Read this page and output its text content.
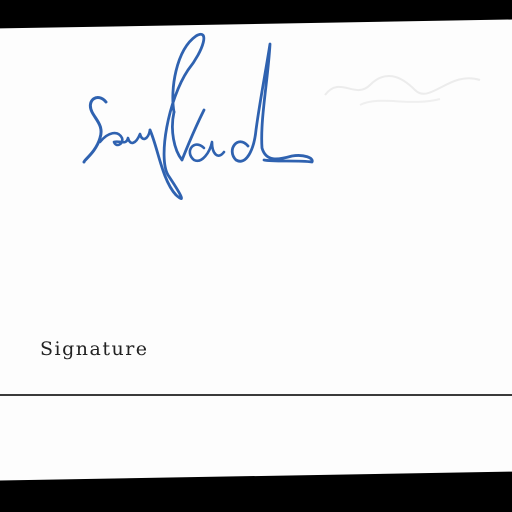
Signature
